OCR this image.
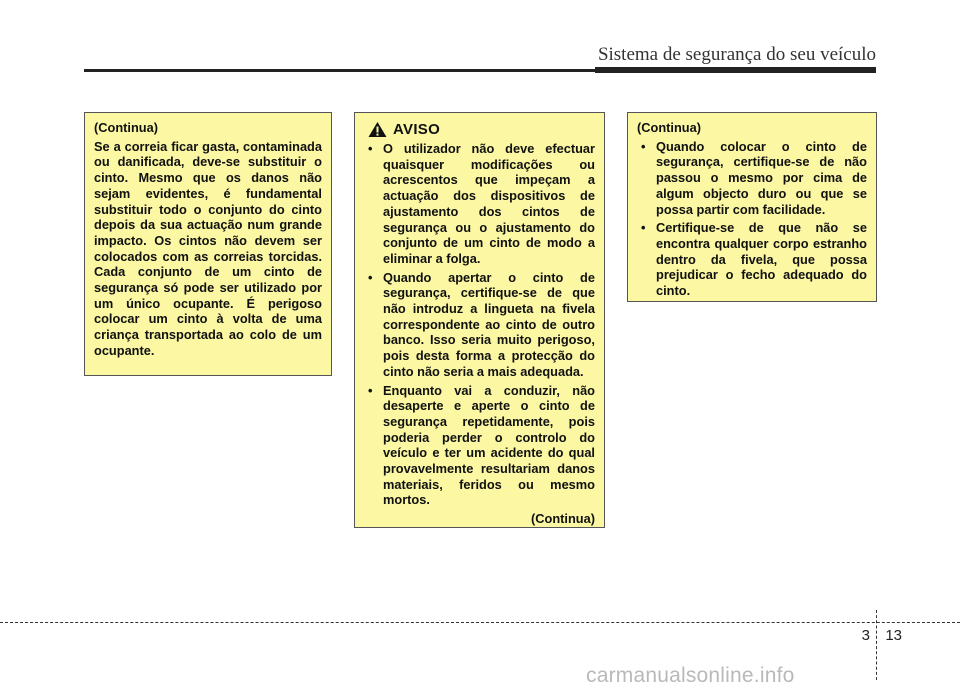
Sistema de segurança do seu veículo
(Continua)

Se a correia ficar gasta, contaminada ou danificada, deve-se substituir o cinto. Mesmo que os danos não sejam evidentes, é fundamental substituir todo o conjunto do cinto depois da sua actuação num grande impacto. Os cintos não devem ser colocados com as correias torcidas. Cada conjunto de um cinto de segurança só pode ser utilizado por um único ocupante. É perigoso colocar um cinto à volta de uma criança transportada ao colo de um ocupante.

AVISO
• O utilizador não deve efectuar quaisquer modificações ou acrescentos que impeçam a actuação dos dispositivos de ajustamento dos cintos de segurança ou o ajustamento do conjunto de um cinto de modo a eliminar a folga.
• Quando apertar o cinto de segurança, certifique-se de que não introduz a lingueta na fivela correspondente ao cinto de outro banco. Isso seria muito perigoso, pois desta forma a protecção do cinto não seria a mais adequada.
• Enquanto vai a conduzir, não desaperte e aperte o cinto de segurança repetidamente, pois poderia perder o controlo do veículo e ter um acidente do qual provavelmente resultariam danos materiais, feridos ou mesmo mortos.
(Continua)
(Continua)
• Quando colocar o cinto de segurança, certifique-se de não passou o mesmo por cima de algum objecto duro ou que se possa partir com facilidade.
• Certifique-se de que não se encontra qualquer corpo estranho dentro da fivela, que possa prejudicar o fecho adequado do cinto.
3 13
carmanualsonline.info
